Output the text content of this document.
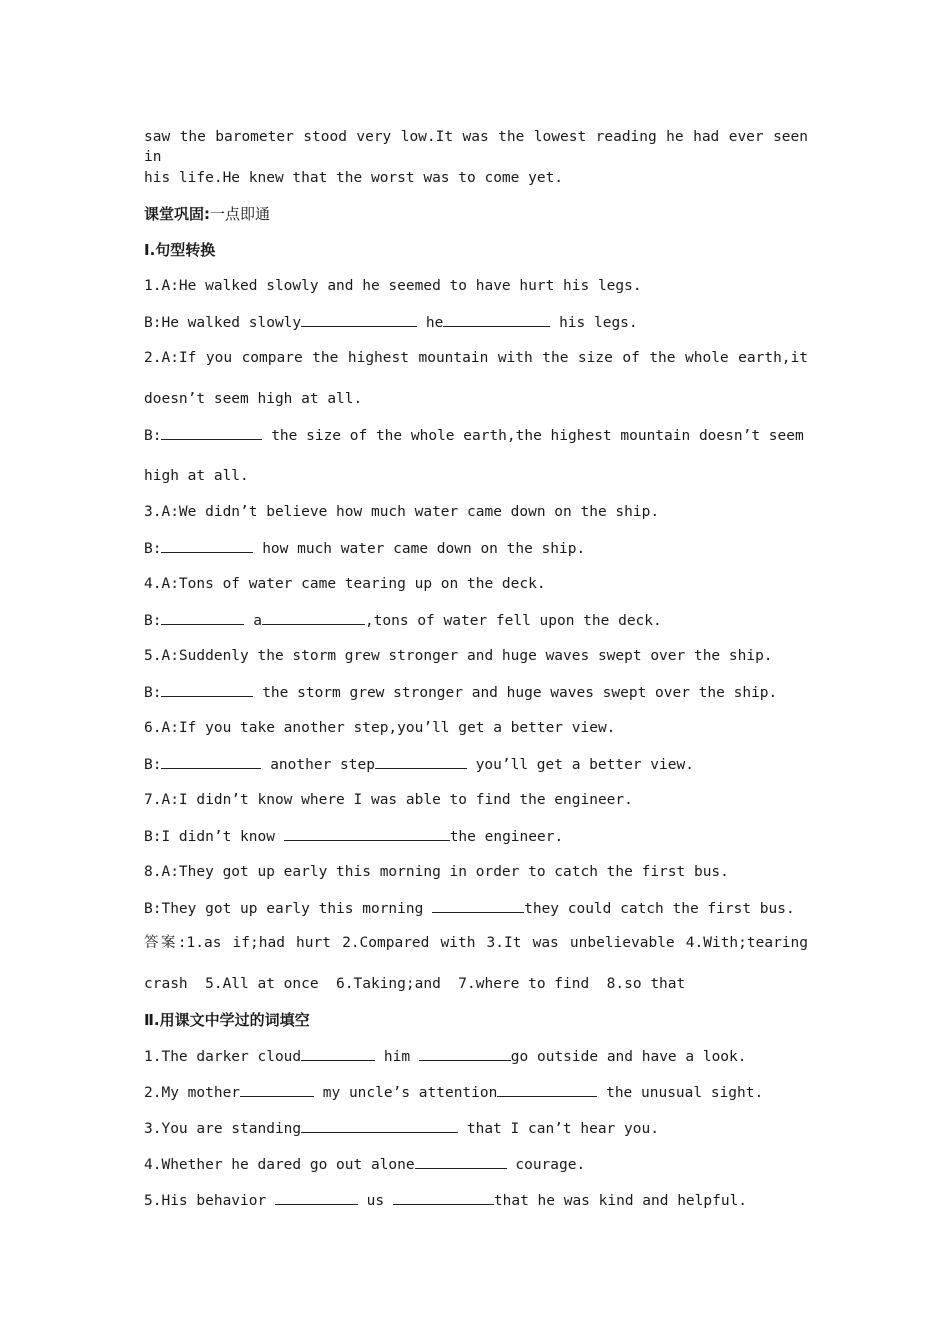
saw the barometer stood very low.It was the lowest reading he had ever seen in
his life.He knew that the worst was to come yet.
课堂巩固:一点即通
Ⅰ.句型转换
1.A:He walked slowly and he seemed to have hurt his legs.
B:He walked slowly	he	his legs.
2.A:If you compare the highest mountain with the size of the whole earth,it
doesn’t seem high at all.
B:	the size of the whole earth,the highest mountain doesn’t seem
high at all.
3.A:We didn’t believe how much water came down on the ship.
B:	how much water came down on the ship.
4.A:Tons of water came tearing up on the deck.
B:	a	,tons of water fell upon the deck.
5.A:Suddenly the storm grew stronger and huge waves swept over the ship.
B:	the storm grew stronger and huge waves swept over the ship.
6.A:If you take another step,you’ll get a better view.
B:	another step	you’ll get a better view.
7.A:I didn’t know where I was able to find the engineer.
B:I didn’t know	the engineer.
8.A:They got up early this morning in order to catch the first bus.
B:They got up early this morning	they could catch the first bus.
答案:1.as if;had hurt 2.Compared with 3.It was unbelievable 4.With;tearing
crash  5.All at once  6.Taking;and  7.where to find  8.so that
Ⅱ.用课文中学过的词填空
1.The darker cloud	him	go outside and have a look.
2.My mother	my uncle’s attention	the unusual sight.
3.You are standing	that I can’t hear you.
4.Whether he dared go out alone	courage.
5.His behavior	us	that he was kind and helpful.
